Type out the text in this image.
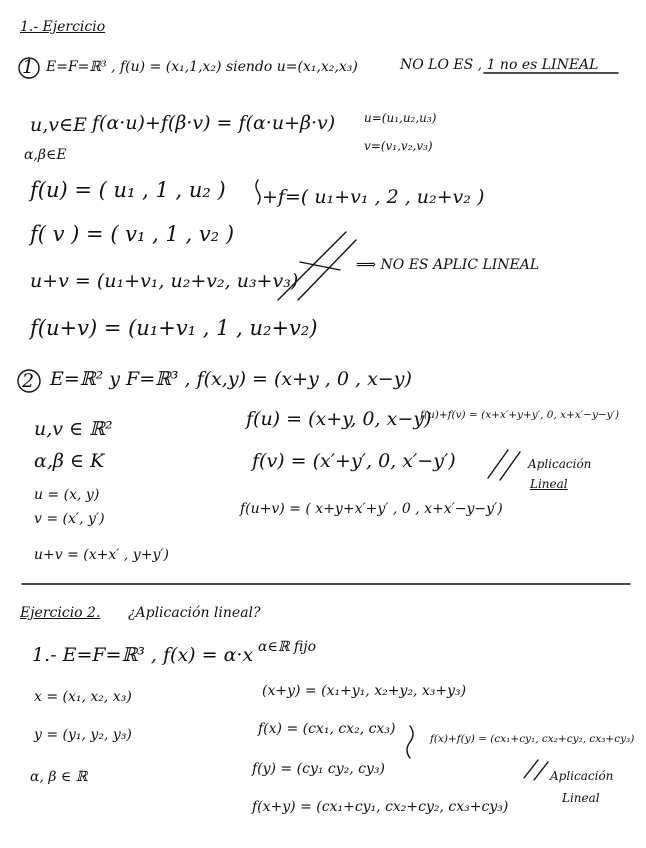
1.- Ejercicio
1 E=F=ℝ³ , f(u) = (x₁,1,x₂) siendo u=(x₁,x₂,x₃)	NO LO ES , 1 no es LINEAL
u,v∈E
α,β∈E
f(α·u)+f(β·v) = f(α·u+β·v) u=(u₁,u₂,u₃)
v=(v₁,v₂,v₃)
f(u) = ( u₁ , 1 , u₂ ) +f=( u₁+v₁ , 2 , u₂+v₂ )
f( v ) = ( v₁ , 1 , v₂ )
u+v = (u₁+v₁, u₂+v₂, u₃+v₃)
⟹ NO ES APLIC LINEAL
f(u+v) = (u₁+v₁ , 1 , u₂+v₂)
2 E=ℝ² y F=ℝ³ , f(x,y) = (x+y , 0 , x−y)
u,v ∈ ℝ²
α,β ∈ K
u = (x, y)
v = (x′, y′)
u+v = (x+x′ , y+y′)
f(u) = (x+y, 0, x−y)
f(u)+f(v) = (x+x′+y+y′, 0, x+x′−y−y′)
f(v) = (x′+y′, 0, x′−y′)
f(u+v) = ( x+y+x′+y′ , 0 , x+x′−y−y′)
Aplicación
Lineal
Ejercicio 2. ¿Aplicación lineal?
1.- E=F=ℝ³ , f(x) = α·x α∈ℝ fijo
x = (x₁, x₂, x₃)
y = (y₁, y₂, y₃)
α, β ∈ ℝ
(x+y) = (x₁+y₁, x₂+y₂, x₃+y₃)
f(x) = (cx₁, cx₂, cx₃)
f(y) = (cy₁ cy₂, cy₃)
f(x)+f(y) = (cx₁+cy₁, cx₂+cy₂, cx₃+cy₃)
f(x+y) = (cx₁+cy₁, cx₂+cy₂, cx₃+cy₃)
Aplicación
Lineal
